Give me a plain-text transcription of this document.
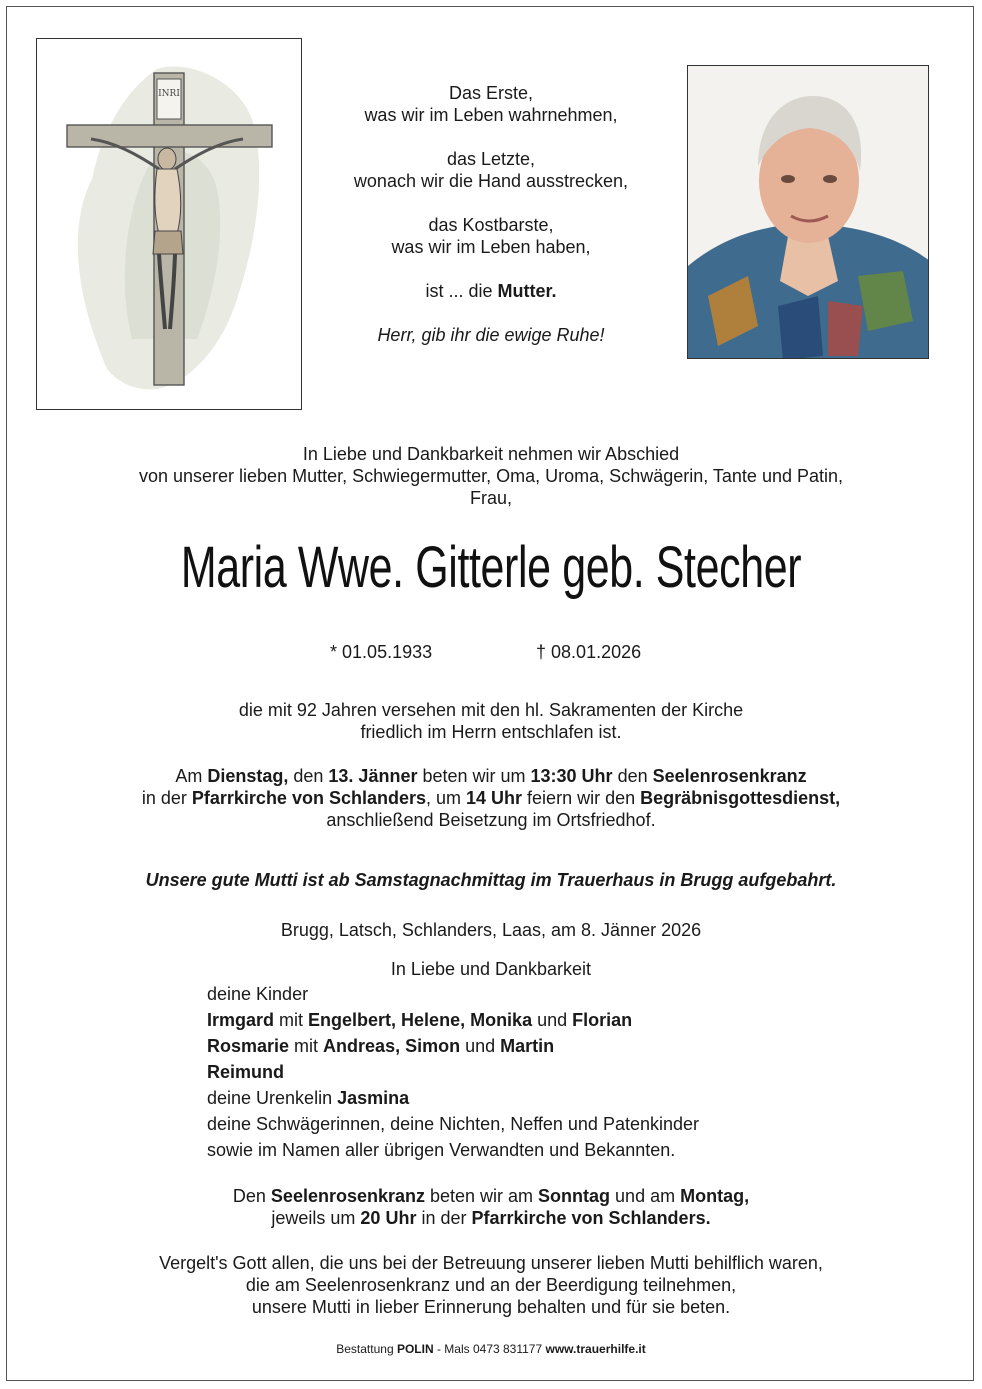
INRI	Das Erste,
was wir im Leben wahrnehmen,
das Letzte,
wonach wir die Hand ausstrecken,
das Kostbarste,
was wir im Leben haben,
ist ... die Mutter.
Herr, gib ihr die ewige Ruhe!
In Liebe und Dankbarkeit nehmen wir Abschied
von unserer lieben Mutter, Schwiegermutter, Oma, Uroma, Schwägerin, Tante und Patin,
Frau,
Maria Wwe. Gitterle geb. Stecher
* 01.05.1933	† 08.01.2026
die mit 92 Jahren versehen mit den hl. Sakramenten der Kirche
friedlich im Herrn entschlafen ist.
Am Dienstag, den 13. Jänner beten wir um 13:30 Uhr den Seelenrosenkranz
in der Pfarrkirche von Schlanders, um 14 Uhr feiern wir den Begräbnisgottesdienst,
anschließend Beisetzung im Ortsfriedhof.
Unsere gute Mutti ist ab Samstagnachmittag im Trauerhaus in Brugg aufgebahrt.
Brugg, Latsch, Schlanders, Laas, am 8. Jänner 2026
In Liebe und Dankbarkeit
deine Kinder
Irmgard mit Engelbert, Helene, Monika und Florian
Rosmarie mit Andreas, Simon und Martin
Reimund
deine Urenkelin Jasmina
deine Schwägerinnen, deine Nichten, Neffen und Patenkinder
sowie im Namen aller übrigen Verwandten und Bekannten.
Den Seelenrosenkranz beten wir am Sonntag und am Montag,
jeweils um 20 Uhr in der Pfarrkirche von Schlanders.
Vergelt's Gott allen, die uns bei der Betreuung unserer lieben Mutti behilflich waren,
die am Seelenrosenkranz und an der Beerdigung teilnehmen,
unsere Mutti in lieber Erinnerung behalten und für sie beten.
Bestattung POLIN - Mals 0473 831177 www.trauerhilfe.it
